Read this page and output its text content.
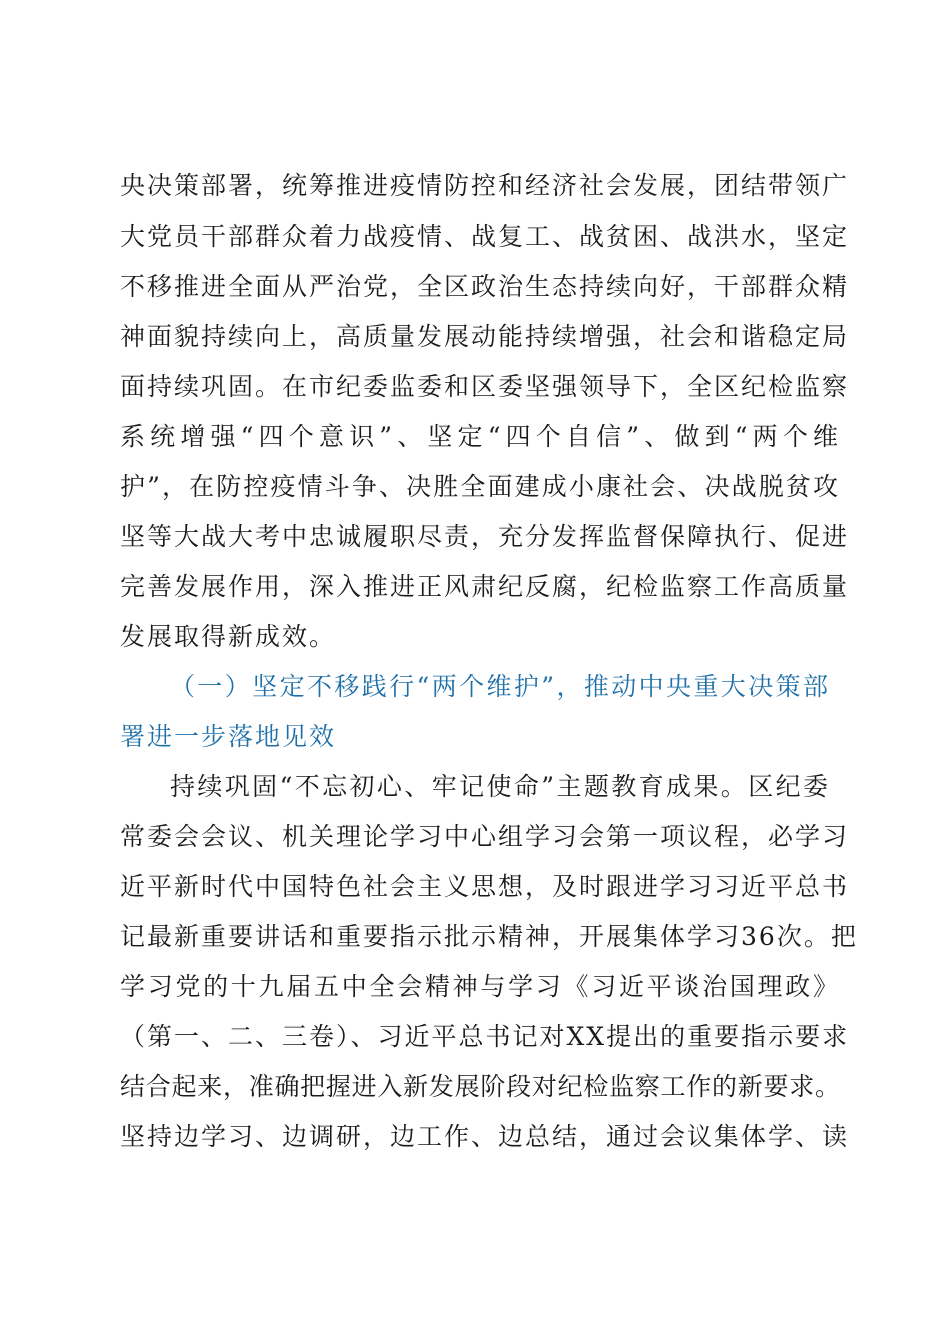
央决策部署，统筹推进疫情防控和经济社会发展，团结带领广
大党员干部群众着力战疫情、战复工、战贫困、战洪水，坚定
不移推进全面从严治党，全区政治生态持续向好，干部群众精
神面貌持续向上，高质量发展动能持续增强，社会和谐稳定局
面持续巩固。在市纪委监委和区委坚强领导下，全区纪检监察
系统增强“四个意识”、坚定“四个自信”、做到“两个维
护”，在防控疫情斗争、决胜全面建成小康社会、决战脱贫攻
坚等大战大考中忠诚履职尽责，充分发挥监督保障执行、促进
完善发展作用，深入推进正风肃纪反腐，纪检监察工作高质量
发展取得新成效。
（一）坚定不移践行“两个维护”，推动中央重大决策部
署进一步落地见效
持续巩固“不忘初心、牢记使命”主题教育成果。区纪委
常委会会议、机关理论学习中心组学习会第一项议程，必学习
近平新时代中国特色社会主义思想，及时跟进学习习近平总书
记最新重要讲话和重要指示批示精神，开展集体学习36次。把
学习党的十九届五中全会精神与学习《习近平谈治国理政》
（第一、二、三卷）、习近平总书记对XX提出的重要指示要求
结合起来，准确把握进入新发展阶段对纪检监察工作的新要求。
坚持边学习、边调研，边工作、边总结，通过会议集体学、读
